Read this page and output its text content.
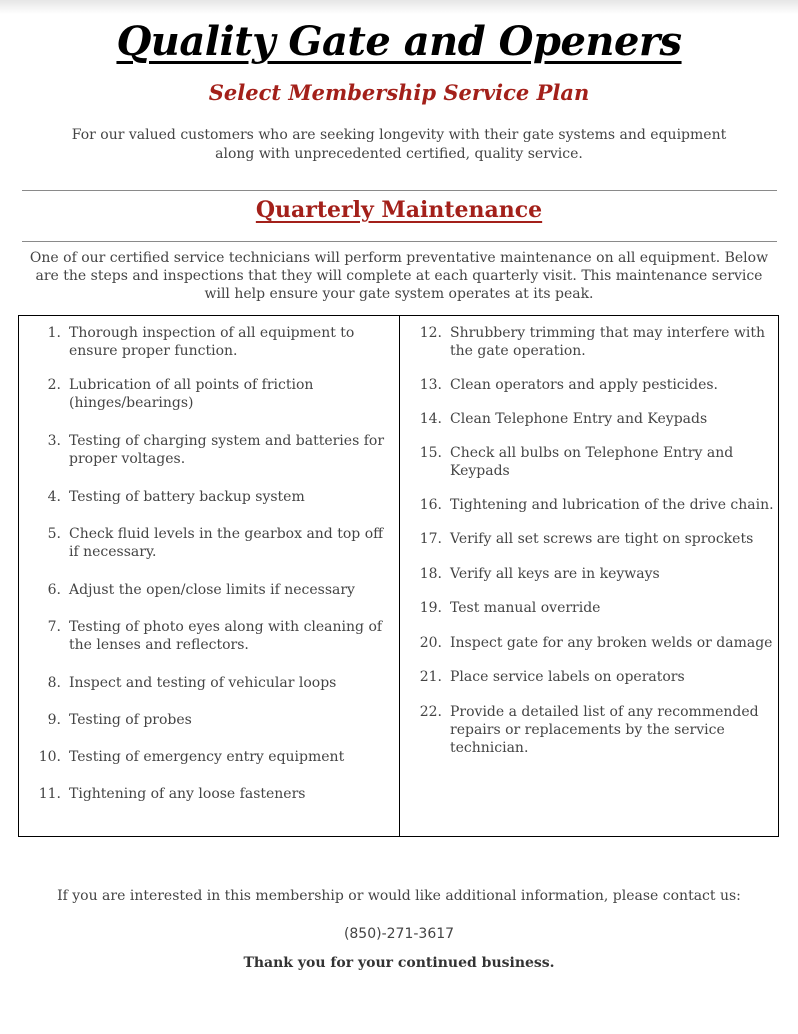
Quality Gate and Openers
Select Membership Service Plan

For our valued customers who are seeking longevity with their gate systems and equipment along with unprecedented certified, quality service.

Quarterly Maintenance

One of our certified service technicians will perform preventative maintenance on all equipment. Below are the steps and inspections that they will complete at each quarterly visit. This maintenance service will help ensure your gate system operates at its peak.

1. Thorough inspection of all equipment to ensure proper function.
2. Lubrication of all points of friction (hinges/bearings)
3. Testing of charging system and batteries for proper voltages.
4. Testing of battery backup system
5. Check fluid levels in the gearbox and top off if necessary.
6. Adjust the open/close limits if necessary
7. Testing of photo eyes along with cleaning of the lenses and reflectors.
8. Inspect and testing of vehicular loops
9. Testing of probes
10. Testing of emergency entry equipment
11. Tightening of any loose fasteners
12. Shrubbery trimming that may interfere with the gate operation.
13. Clean operators and apply pesticides.
14. Clean Telephone Entry and Keypads
15. Check all bulbs on Telephone Entry and Keypads
16. Tightening and lubrication of the drive chain.
17. Verify all set screws are tight on sprockets
18. Verify all keys are in keyways
19. Test manual override
20. Inspect gate for any broken welds or damage
21. Place service labels on operators
22. Provide a detailed list of any recommended repairs or replacements by the service technician.

If you are interested in this membership or would like additional information, please contact us:

(850)-271-3617

Thank you for your continued business.
